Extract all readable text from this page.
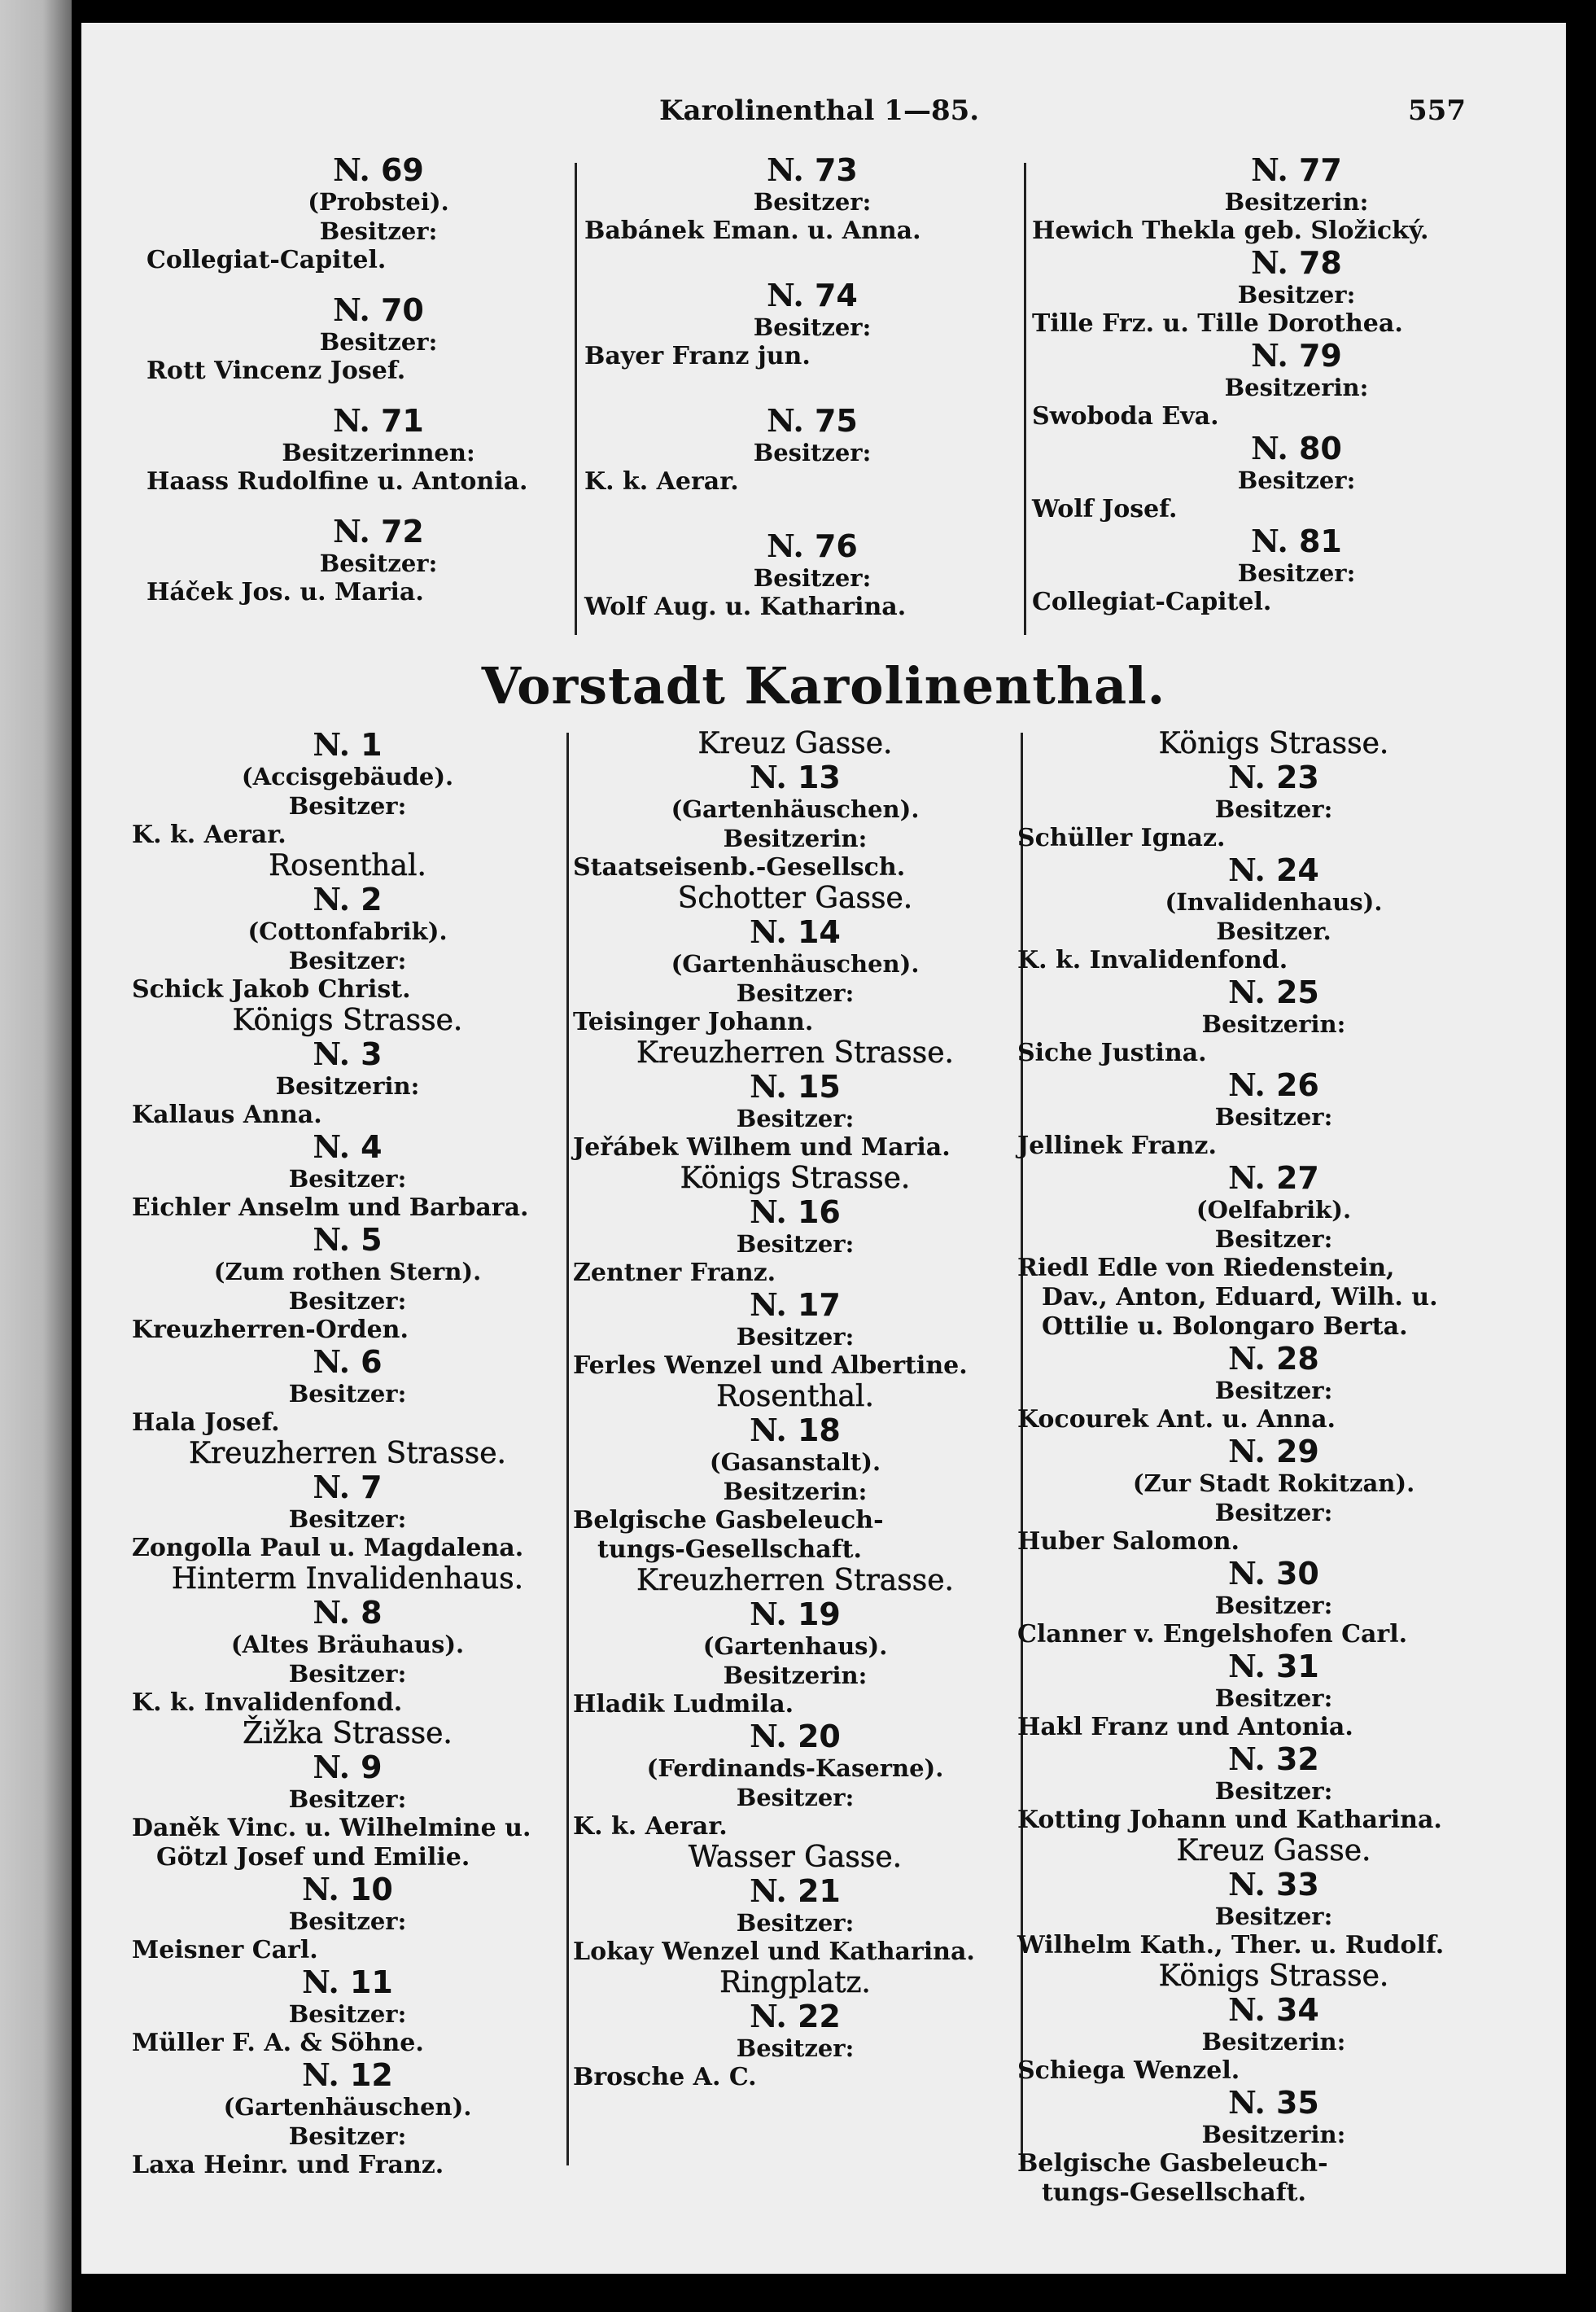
Karolinenthal 1—85.	557
N. 69
(Probstei).
Besitzer:
Collegiat-Capitel.
N. 70
Besitzer:
Rott Vincenz Josef.
N. 71
Besitzerinnen:
Haass Rudolfine u. Antonia.
N. 72
Besitzer:
Háček Jos. u. Maria.
N. 73
Besitzer:
Babánek Eman. u. Anna.
N. 74
Besitzer:
Bayer Franz jun.
N. 75
Besitzer:
K. k. Aerar.
N. 76
Besitzer:
Wolf Aug. u. Katharina.
N. 77
Besitzerin:
Hewich Thekla geb. Složický.
N. 78
Besitzer:
Tille Frz. u. Tille Dorothea.
N. 79
Besitzerin:
Swoboda Eva.
N. 80
Besitzer:
Wolf Josef.
N. 81
Besitzer:
Collegiat-Capitel.
Vorstadt Karolinenthal.
N. 1
(Accisgebäude).
Besitzer:
K. k. Aerar.
Rosenthal.
N. 2
(Cottonfabrik).
Besitzer:
Schick Jakob Christ.
Königs Strasse.
N. 3
Besitzerin:
Kallaus Anna.
N. 4
Besitzer:
Eichler Anselm und Barbara.
N. 5
(Zum rothen Stern).
Besitzer:
Kreuzherren-Orden.
N. 6
Besitzer:
Hala Josef.
Kreuzherren Strasse.
N. 7
Besitzer:
Zongolla Paul u. Magdalena.
Hinterm Invalidenhaus.
N. 8
(Altes Bräuhaus).
Besitzer:
K. k. Invalidenfond.
Žižka Strasse.
N. 9
Besitzer:
Daněk Vinc. u. Wilhelmine u.
Götzl Josef und Emilie.
N. 10
Besitzer:
Meisner Carl.
N. 11
Besitzer:
Müller F. A. & Söhne.
N. 12
(Gartenhäuschen).
Besitzer:
Laxa Heinr. und Franz.
Kreuz Gasse.
N. 13
(Gartenhäuschen).
Besitzerin:
Staatseisenb.-Gesellsch.
Schotter Gasse.
N. 14
(Gartenhäuschen).
Besitzer:
Teisinger Johann.
Kreuzherren Strasse.
N. 15
Besitzer:
Jeřábek Wilhem und Maria.
Königs Strasse.
N. 16
Besitzer:
Zentner Franz.
N. 17
Besitzer:
Ferles Wenzel und Albertine.
Rosenthal.
N. 18
(Gasanstalt).
Besitzerin:
Belgische Gasbeleuch-
tungs-Gesellschaft.
Kreuzherren Strasse.
N. 19
(Gartenhaus).
Besitzerin:
Hladik Ludmila.
N. 20
(Ferdinands-Kaserne).
Besitzer:
K. k. Aerar.
Wasser Gasse.
N. 21
Besitzer:
Lokay Wenzel und Katharina.
Ringplatz.
N. 22
Besitzer:
Brosche A. C.
Königs Strasse.
N. 23
Besitzer:
Schüller Ignaz.
N. 24
(Invalidenhaus).
Besitzer.
K. k. Invalidenfond.
N. 25
Besitzerin:
Siche Justina.
N. 26
Besitzer:
Jellinek Franz.
N. 27
(Oelfabrik).
Besitzer:
Riedl Edle von Riedenstein,
Dav., Anton, Eduard, Wilh. u.
Ottilie u. Bolongaro Berta.
N. 28
Besitzer:
Kocourek Ant. u. Anna.
N. 29
(Zur Stadt Rokitzan).
Besitzer:
Huber Salomon.
N. 30
Besitzer:
Clanner v. Engelshofen Carl.
N. 31
Besitzer:
Hakl Franz und Antonia.
N. 32
Besitzer:
Kotting Johann und Katharina.
Kreuz Gasse.
N. 33
Besitzer:
Wilhelm Kath., Ther. u. Rudolf.
Königs Strasse.
N. 34
Besitzerin:
Schiega Wenzel.
N. 35
Besitzerin:
Belgische Gasbeleuch-
tungs-Gesellschaft.
